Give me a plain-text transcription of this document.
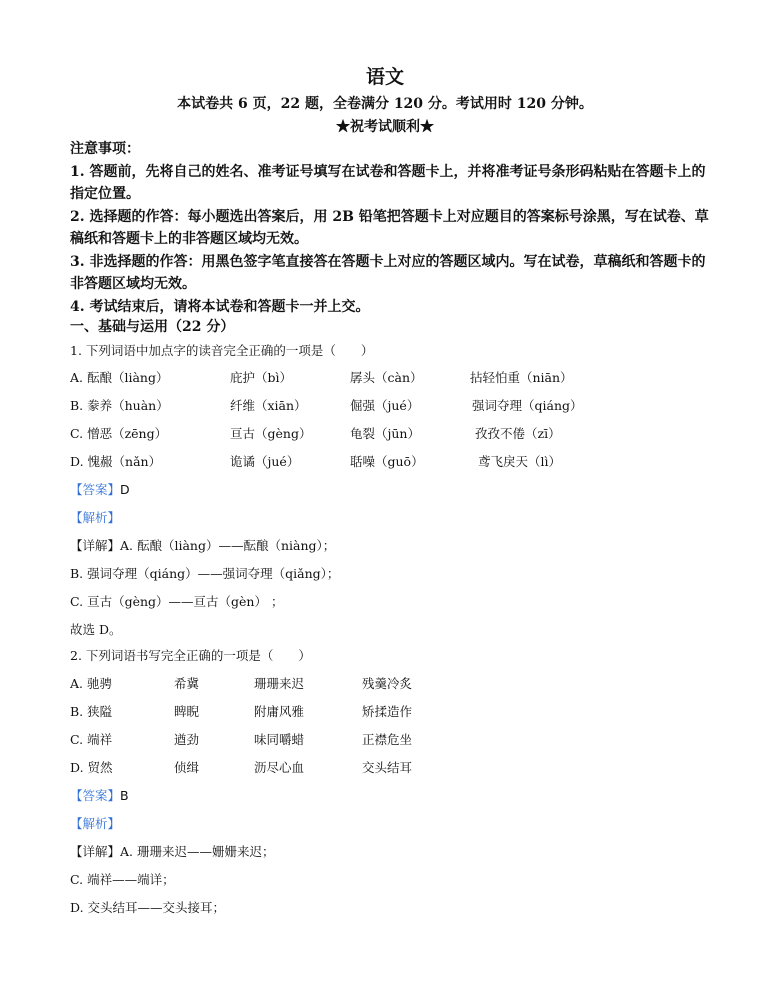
语文
本试卷共 6 页，22 题，全卷满分 120 分。考试用时 120 分钟。
★祝考试顺利★

注意事项：

1. 答题前，先将自己的姓名、准考证号填写在试卷和答题卡上，并将准考证号条形码粘贴在答题卡上的指定位置。

2. 选择题的作答：每小题选出答案后，用 2B 铅笔把答题卡上对应题目的答案标号涂黑，写在试卷、草稿纸和答题卡上的非答题区域均无效。

3. 非选择题的作答：用黑色签字笔直接答在答题卡上对应的答题区域内。写在试卷，草稿纸和答题卡的非答题区域均无效。

4. 考试结束后，请将本试卷和答题卡一并上交。

一、基础与运用（22 分）
1. 下列词语中加点字的读音完全正确的一项是（　　）
A. 酝酿（liàng）	庇护（bì）	孱头（càn）	拈轻怕重（niān）
B. 豢养（huàn）	纤维（xiān）	倔强（jué）	强词夺理（qiáng）
C. 憎恶（zēng）	亘古（gèng）	龟裂（jūn）	孜孜不倦（zī）
D. 愧赧（nǎn）	诡谲（jué）	聒噪（guō）	鸢飞戾天（lì）
【答案】D
【解析】
【详解】A. 酝酿（liàng）——酝酿（niàng）；
B. 强词夺理（qiáng）——强词夺理（qiǎng）；
C. 亘古（gèng）——亘古（gèn） ；
故选 D。
2. 下列词语书写完全正确的一项是（　　）
A. 驰骋	希冀	珊珊来迟	残羹冷炙
B. 狭隘	睥睨	附庸风雅	矫揉造作
C. 端祥	遒劲	味同嚼蜡	正襟危坐
D. 贸然	侦缉	沥尽心血	交头结耳
【答案】B
【解析】
【详解】A. 珊珊来迟——姗姗来迟；
C. 端祥——端详；
D. 交头结耳——交头接耳；
